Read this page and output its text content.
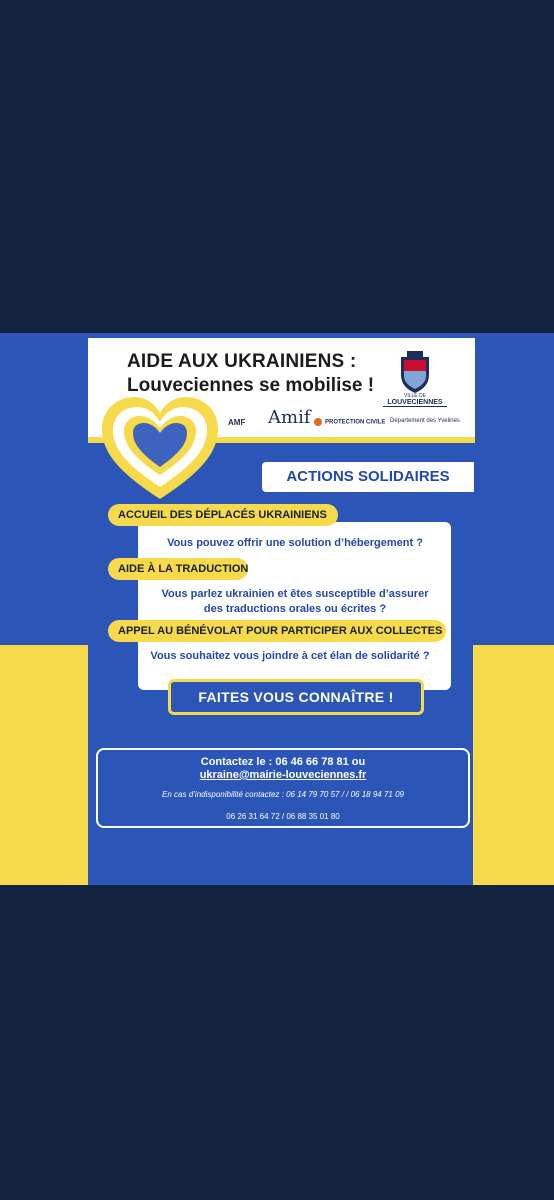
AIDE AUX UKRAINIENS :
Louveciennes se mobilise !	VILLE DE
LOUVECIENNES
AMF Amif	PROTECTION CIVILE Département des Yvelines
ACTIONS SOLIDAIRES
ACCUEIL DES DÉPLACÉS UKRAINIENS
Vous pouvez offrir une solution d’hébergement ?
AIDE À LA TRADUCTION
Vous parlez ukrainien et êtes susceptible d’assurer des traductions orales ou écrites ?
APPEL AU BÉNÉVOLAT POUR PARTICIPER AUX COLLECTES
Vous souhaitez vous joindre à cet élan de solidarité ?
FAITES VOUS CONNAÎTRE !
Contactez le : 06 46 66 78 81 ou
ukraine@mairie-louveciennes.fr
En cas d’indisponibilité contactez : 06 14 79 70 57 / / 06 18 94 71 09
06 26 31 64 72 / 06 88 35 01 80
